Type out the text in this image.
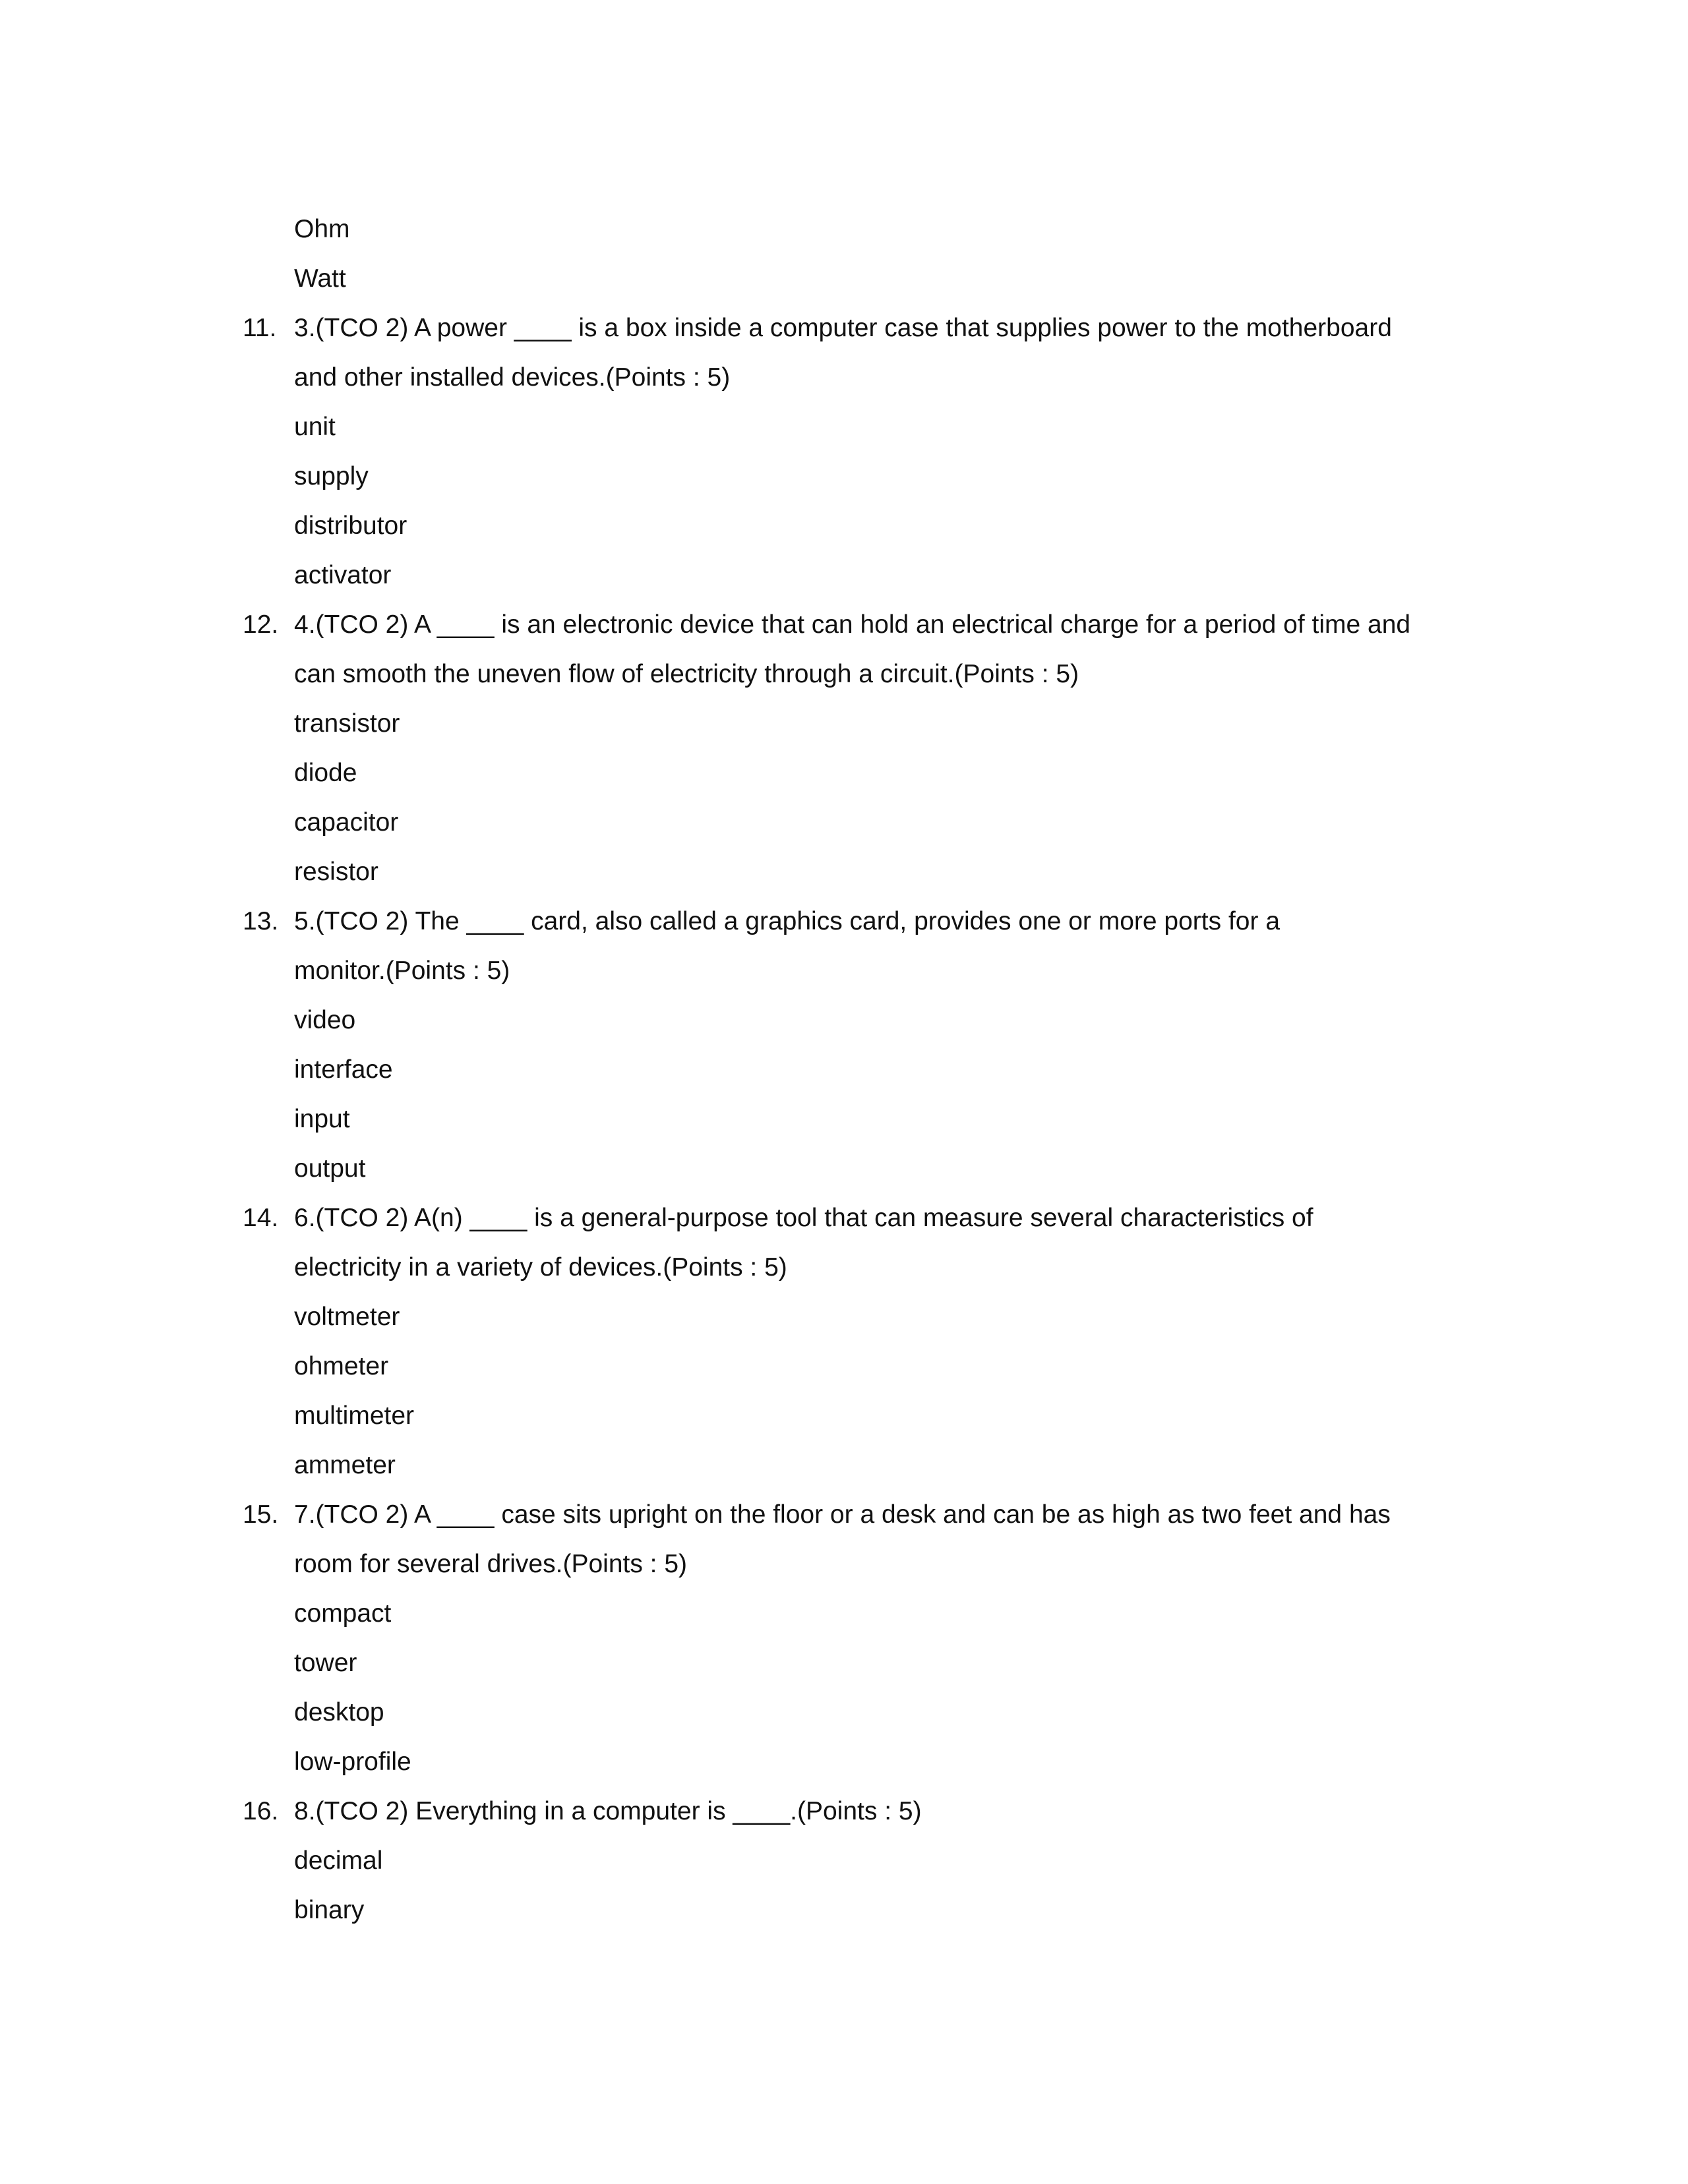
Ohm
Watt
11. 3.(TCO 2) A power ____ is a box inside a computer case that supplies power to the motherboard
and other installed devices.(Points : 5)
unit
supply
distributor
activator
12. 4.(TCO 2) A ____ is an electronic device that can hold an electrical charge for a period of time and
can smooth the uneven flow of electricity through a circuit.(Points : 5)
transistor
diode
capacitor
resistor
13. 5.(TCO 2) The ____ card, also called a graphics card, provides one or more ports for a
monitor.(Points : 5)
video
interface
input
output
14. 6.(TCO 2) A(n) ____ is a general-purpose tool that can measure several characteristics of
electricity in a variety of devices.(Points : 5)
voltmeter
ohmeter
multimeter
ammeter
15. 7.(TCO 2) A ____ case sits upright on the floor or a desk and can be as high as two feet and has
room for several drives.(Points : 5)
compact
tower
desktop
low-profile
16. 8.(TCO 2) Everything in a computer is ____.(Points : 5)
decimal
binary
